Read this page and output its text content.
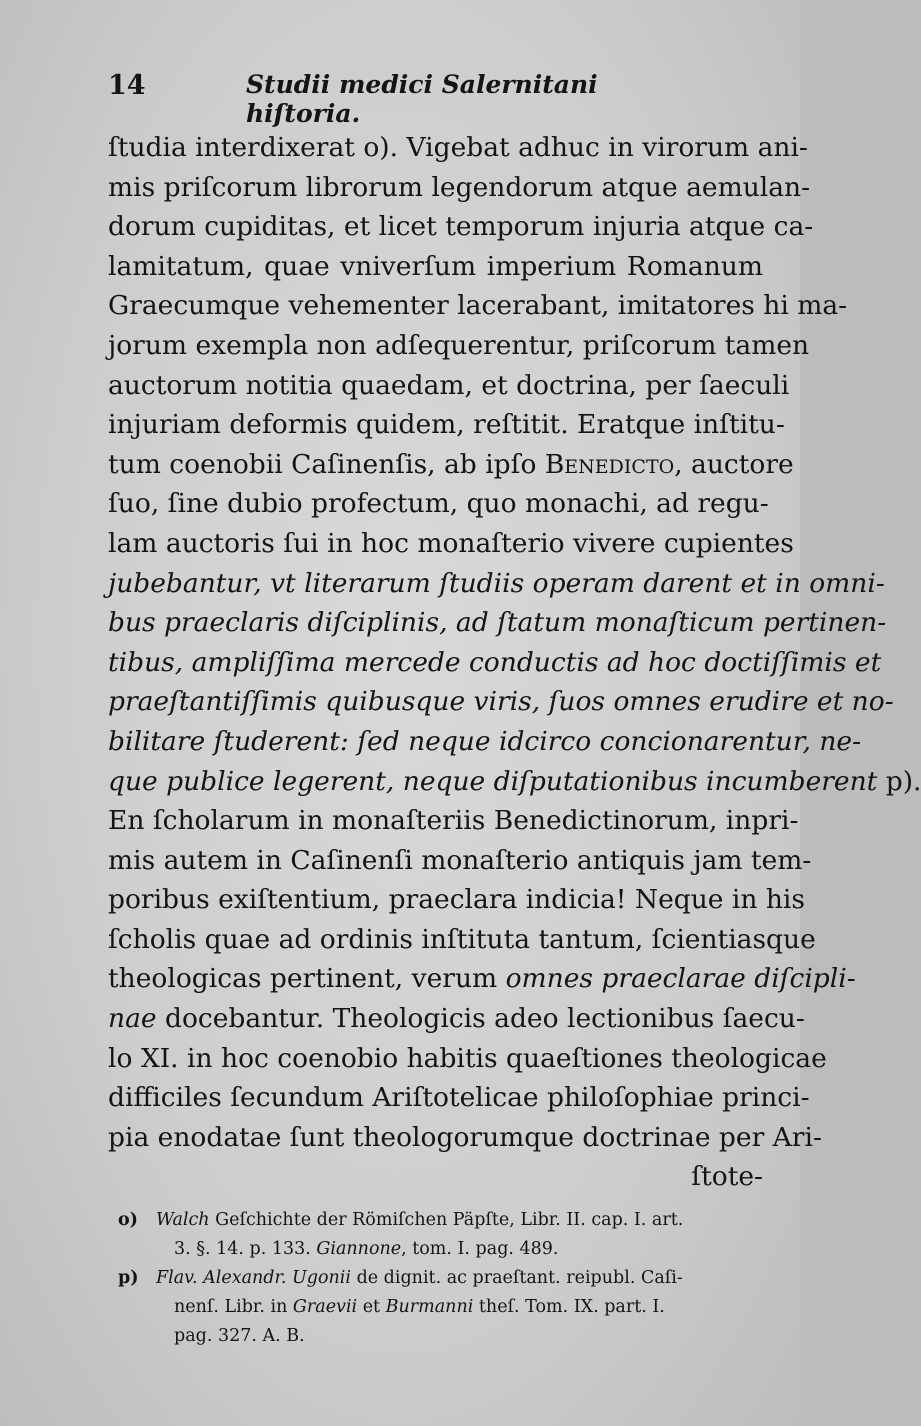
14	Studii medici Salernitani hiſtoria.
ſtudia interdixerat o). Vigebat adhuc in virorum ani-
mis priſcorum librorum legendorum atque aemulan-
dorum cupiditas, et licet temporum injuria atque ca-
lamitatum, quae vniverſum imperium Romanum
Graecumque vehementer lacerabant, imitatores hi ma-
jorum exempla non adſequerentur, priſcorum tamen
auctorum notitia quaedam, et doctrina, per ſaeculi
injuriam deformis quidem, reſtitit. Eratque inſtitu-
tum coenobii Caſinenſis, ab ipſo Benedicto, auctore
ſuo, ſine dubio profectum, quo monachi, ad regu-
lam auctoris ſui in hoc monaſterio vivere cupientes
jubebantur, vt literarum ſtudiis operam darent et in omni-
bus praeclaris diſciplinis, ad ſtatum monaſticum pertinen-
tibus, ampliſſima mercede conductis ad hoc doctiſſimis et
praeſtantiſſimis quibusque viris, ſuos omnes erudire et no-
bilitare ſtuderent: ſed neque idcirco concionarentur, ne-
que publice legerent, neque diſputationibus incumberent p).
En ſcholarum in monaſteriis Benedictinorum, inpri-
mis autem in Caſinenſi monaſterio antiquis jam tem-
poribus exiſtentium, praeclara indicia! Neque in his
ſcholis quae ad ordinis inſtituta tantum, ſcientiasque
theologicas pertinent, verum omnes praeclarae diſcipli-
nae docebantur. Theologicis adeo lectionibus ſaecu-
lo XI. in hoc coenobio habitis quaeſtiones theologicae
difficiles ſecundum Ariſtotelicae philoſophiae princi-
pia enodatae ſunt theologorumque doctrinae per Ari-
ſtote-
o) Walch Geſchichte der Römiſchen Päpſte, Libr. II. cap. I. art.
3. §. 14. p. 133. Giannone, tom. I. pag. 489.
p) Flav. Alexandr. Ugonii de dignit. ac praeſtant. reipubl. Caſi-
nenſ. Libr. in Graevii et Burmanni theſ. Tom. IX. part. I.
pag. 327. A. B.
